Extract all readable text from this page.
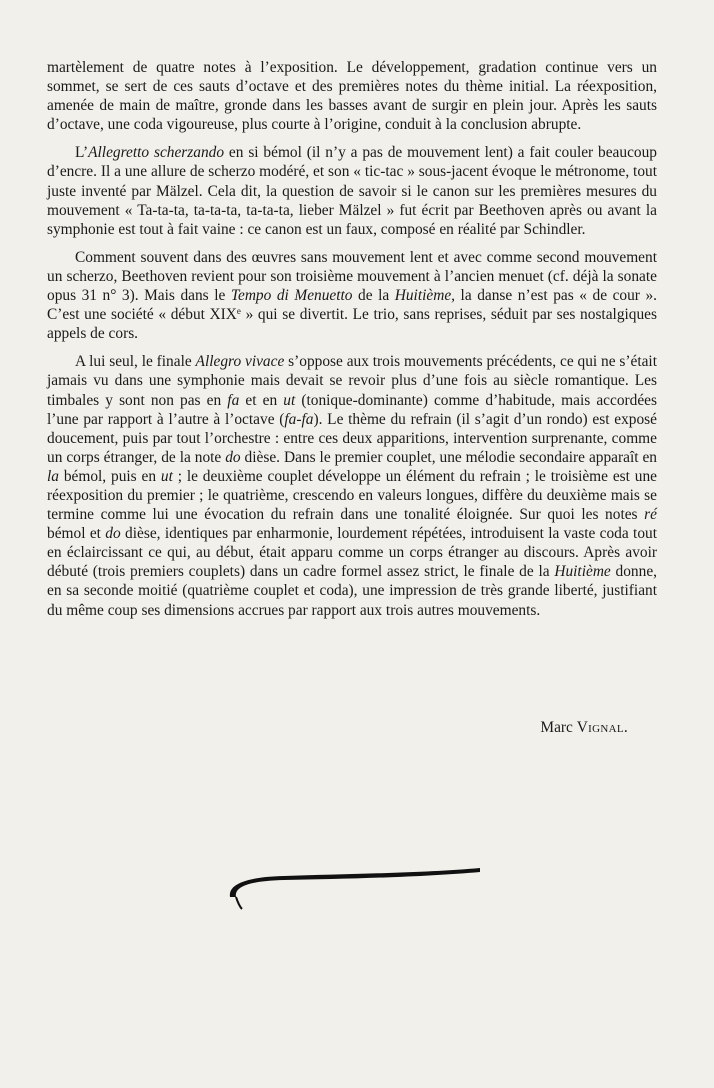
martèlement de quatre notes à l’exposition. Le développement, gradation continue vers un sommet, se sert de ces sauts d’octave et des premières notes du thème initial. La réexposition, amenée de main de maître, gronde dans les basses avant de surgir en plein jour. Après les sauts d’octave, une coda vigoureuse, plus courte à l’origine, conduit à la conclusion abrupte.

L’Allegretto scherzando en si bémol (il n’y a pas de mouvement lent) a fait couler beaucoup d’encre. Il a une allure de scherzo modéré, et son « tic-tac » sous-jacent évoque le métronome, tout juste inventé par Mälzel. Cela dit, la question de savoir si le canon sur les premières mesures du mouvement « Ta-ta-ta, ta-ta-ta, ta-ta-ta, lieber Mälzel » fut écrit par Beethoven après ou avant la symphonie est tout à fait vaine : ce canon est un faux, composé en réalité par Schindler.

Comment souvent dans des œuvres sans mouvement lent et avec comme second mouvement un scherzo, Beethoven revient pour son troisième mouvement à l’ancien menuet (cf. déjà la sonate opus 31 n° 3). Mais dans le Tempo di Menuetto de la Huitième, la danse n’est pas « de cour ». C’est une société « début XIXe » qui se divertit. Le trio, sans reprises, séduit par ses nostalgiques appels de cors.

A lui seul, le finale Allegro vivace s’oppose aux trois mouvements précédents, ce qui ne s’était jamais vu dans une symphonie mais devait se revoir plus d’une fois au siècle romantique. Les timbales y sont non pas en fa et en ut (tonique-dominante) comme d’habitude, mais accordées l’une par rapport à l’autre à l’octave (fa-fa). Le thème du refrain (il s’agit d’un rondo) est exposé doucement, puis par tout l’orchestre : entre ces deux apparitions, intervention surprenante, comme un corps étranger, de la note do dièse. Dans le premier couplet, une mélodie secondaire apparaît en la bémol, puis en ut ; le deuxième couplet développe un élément du refrain ; le troisième est une réexposition du premier ; le quatrième, crescendo en valeurs longues, diffère du deuxième mais se termine comme lui une évocation du refrain dans une tonalité éloignée. Sur quoi les notes ré bémol et do dièse, identiques par enharmonie, lourdement répétées, introduisent la vaste coda tout en éclaircissant ce qui, au début, était apparu comme un corps étranger au discours. Après avoir débuté (trois premiers couplets) dans un cadre formel assez strict, le finale de la Huitième donne, en sa seconde moitié (quatrième couplet et coda), une impression de très grande liberté, justifiant du même coup ses dimensions accrues par rapport aux trois autres mouvements.

Marc Vignal.
